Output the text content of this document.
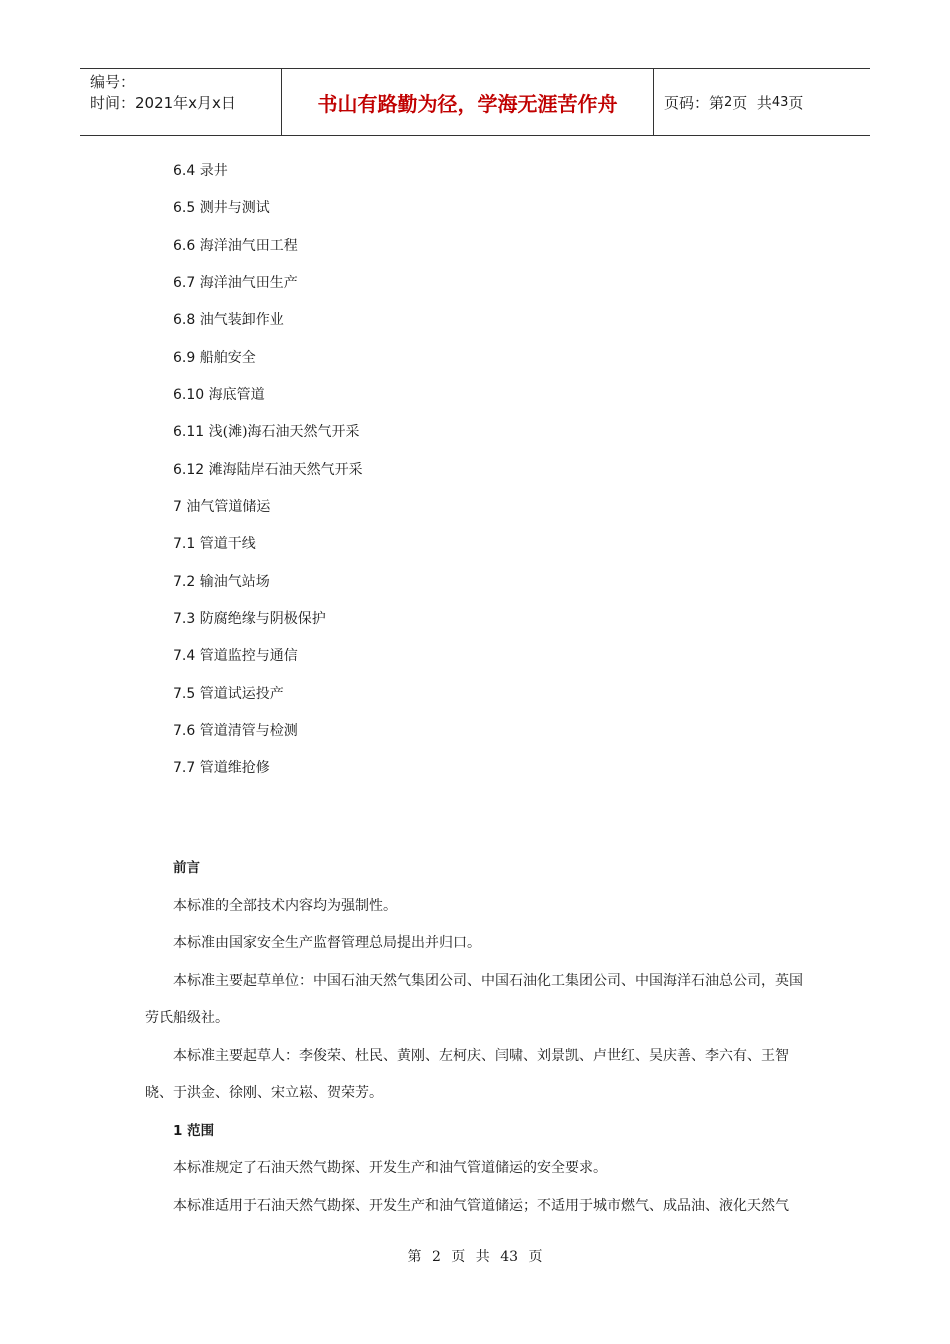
编号：
时间：2021年x月x日	书山有路勤为径，学海无涯苦作舟	页码：第 2 页  共 43 页
6.4 录井
6.5 测井与测试
6.6 海洋油气田工程
6.7 海洋油气田生产
6.8 油气装卸作业
6.9 船舶安全
6.10 海底管道
6.11 浅(滩)海石油天然气开采
6.12 滩海陆岸石油天然气开采
7 油气管道储运
7.1 管道干线
7.2 输油气站场
7.3 防腐绝缘与阴极保护
7.4 管道监控与通信
7.5 管道试运投产
7.6 管道清管与检测
7.7 管道维抢修

前言

本标准的全部技术内容均为强制性。

本标准由国家安全生产监督管理总局提出并归口。

本标准主要起草单位：中国石油天然气集团公司、中国石油化工集团公司、中国海洋石油总公司，英国劳氏船级社。

本标准主要起草人：李俊荣、杜民、黄刚、左柯庆、闫啸、刘景凯、卢世红、吴庆善、李六有、王智晓、于洪金、徐刚、宋立崧、贺荣芳。

1 范围

本标准规定了石油天然气勘探、开发生产和油气管道储运的安全要求。

本标准适用于石油天然气勘探、开发生产和油气管道储运；不适用于城市燃气、成品油、液化天然气

第 2 页 共 43 页
